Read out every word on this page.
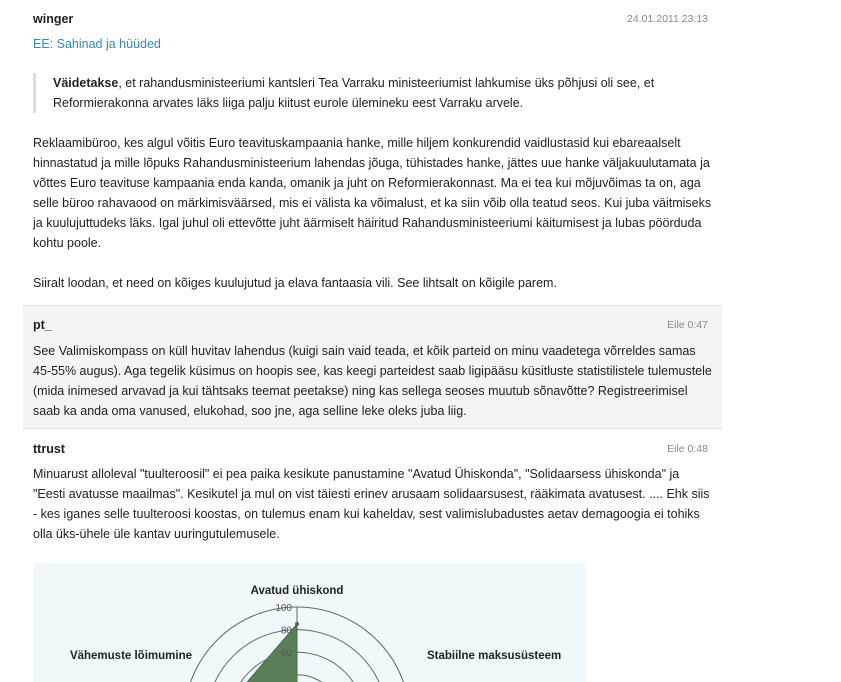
winger	24.01.2011 23:13
EE: Sahinad ja hüüded
Väidetakse, et rahandusministeeriumi kantsleri Tea Varraku ministeeriumist lahkumise üks põhjusi oli see, et Reformierakonna arvates läks liiga palju kiitust eurole ülemineku eest Varraku arvele.

Reklaamibüroo, kes algul võitis Euro teavituskampaania hanke, mille hiljem konkurendid vaidlustasid kui ebareaalselt hinnastatud ja mille lõpuks Rahandusministeerium lahendas jõuga, tühistades hanke, jättes uue hanke väljakuulutamata ja võttes Euro teavituse kampaania enda kanda, omanik ja juht on Reformierakonnast. Ma ei tea kui mõjuvõimas ta on, aga selle büroo rahavaood on märkimisväärsed, mis ei välista ka võimalust, et ka siin võib olla teatud seos. Kui juba väitmiseks ja kuulujuttudeks läks. Igal juhul oli ettevõtte juht äärmiselt häiritud Rahandusministeeriumi käitumisest ja lubas pöörduda kohtu poole.

Siiralt loodan, et need on kõiges kuulujutud ja elava fantaasia vili. See lihtsalt on kõigile parem.

pt_	Eile 0:47

See Valimiskompass on küll huvitav lahendus (kuigi sain vaid teada, et kõik parteid on minu vaadetega võrreldes samas 45-55% augus). Aga tegelik küsimus on hoopis see, kas keegi parteidest saab ligipääsu küsitluste statistilistele tulemustele (mida inimesed arvavad ja kui tähtsaks teemat peetakse) ning kas sellega seoses muutub sõnavõtte? Registreerimisel saab ka anda oma vanused, elukohad, soo jne, aga selline leke oleks juba liig.

ttrust	Eile 0:48

Minuarust alloleval "tuulteroosil" ei pea paika kesikute panustamine "Avatud Ühiskonda", "Solidaarsess ühiskonda" ja "Eesti avatusse maailmas". Kesikutel ja mul on vist täiesti erinev arusaam solidaarsusest, rääkimata avatusest. .... Ehk siis - kes iganes selle tuulteroosi koostas, on tulemus enam kui kaheldav, sest valimislubadustes aetav demagoogia ei tohiks olla üks-ühele üle kantav uuringutulemusele.

100
80
60
Avatud ühiskond
Stabiilne maksusüsteem
Vähemuste lõimumine
